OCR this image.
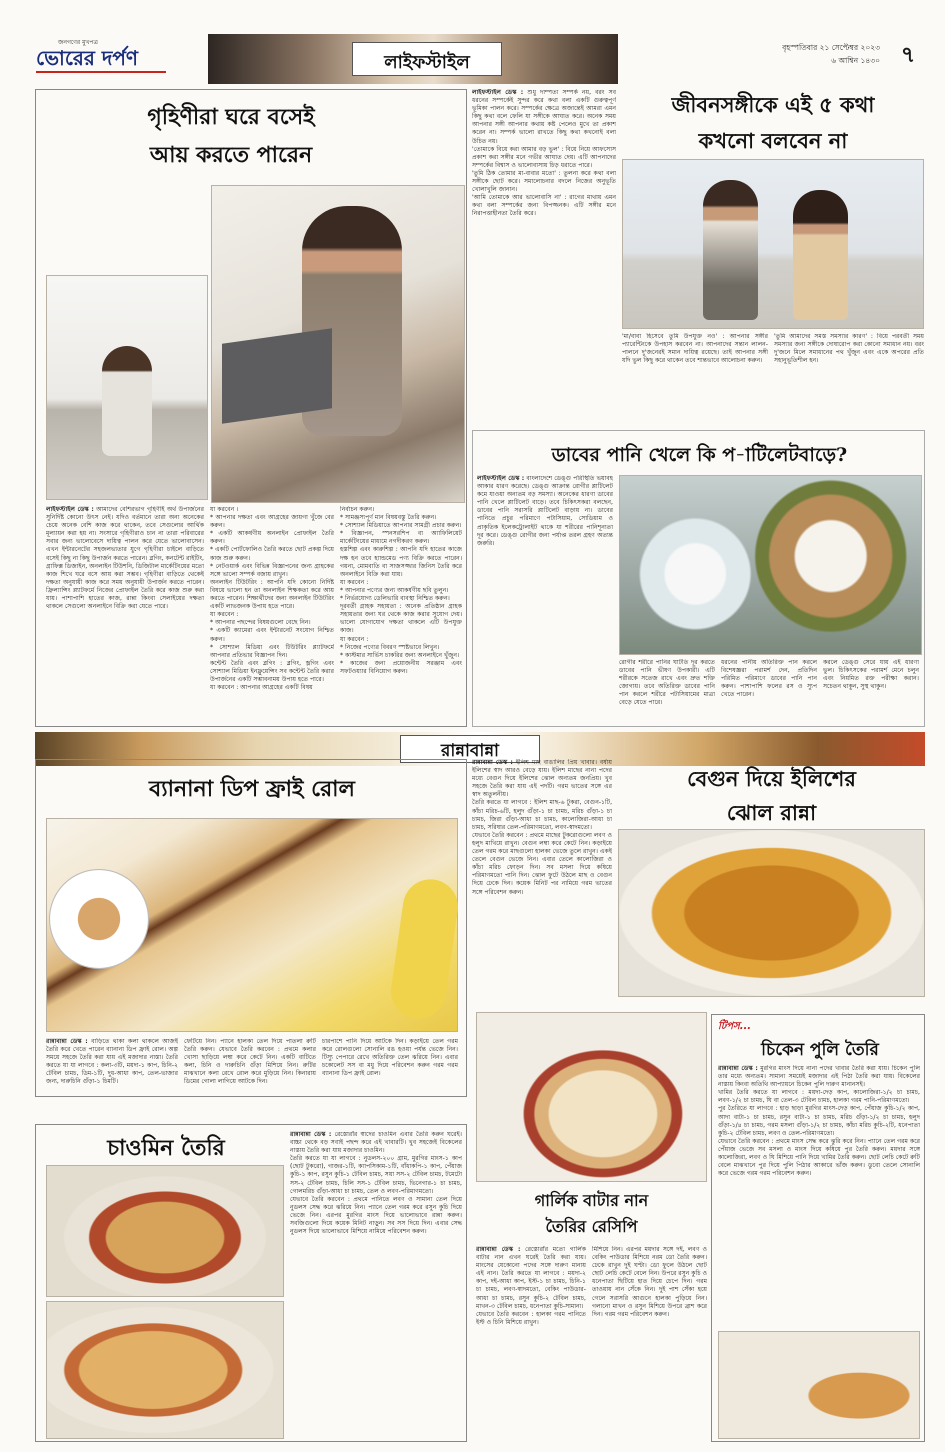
জনগণের মুখপত্র
ভোরের দর্পণ	লাইফস্টাইল
বৃহস্পতিবার ২১ সেপ্টেম্বর ২০২৩
৬ আশ্বিন ১৪৩০ ৭
গৃহিণীরা ঘরে বসেই
আয় করতে পারেন
লাইফস্টাইল ডেস্ক : আমাদের বেশিরভাগ গৃহিণীই অর্থ উপার্জনের সুনির্দিষ্ট কোনো উৎস নেই। যদিও বর্তমানে তারা অন্য অনেকের চেয়ে অনেক বেশি কাজ করে থাকেন, তবে সেগুলোর আর্থিক মূল্যায়ন করা হয় না। সংসারে গৃহিণীরাও চান না তারা পরিবারের সবার জন্য ভালোবেসে দায়িত্ব পালন করে যেতে ভালোবাসেন। এখন ইন্টারনেটের সহজলভ্যতার যুগে গৃহিণীরা চাইলে বাড়িতে বসেই কিছু না কিছু উপার্জন করতে পারেন। ব্লগিং, কনটেন্ট রাইটিং, গ্রাফিক্স ডিজাইন, অনলাইন টিউশনি, ডিজিটাল মার্কেটিংয়ের মতো কাজ শিখে ঘরে বসে আয় করা সম্ভব। গৃহিণীরা বাড়িতে থেকেই দক্ষতা অনুযায়ী কাজ করে সময় অনুযায়ী উপার্জন করতে পারেন। ফ্রিল্যান্সিং প্ল্যাটফর্মে নিজের প্রোফাইল তৈরি করে কাজ শুরু করা যায়। পাশাপাশি হাতের কাজ, রান্না কিংবা সেলাইয়ের দক্ষতা থাকলে সেগুলো অনলাইনে বিক্রি করা যেতে পারে।
যা করবেন ।
* আপনার দক্ষতা এবং আগ্রহের জায়গা খুঁজে বের করুন।
* একটি আকর্ষণীয় অনলাইন প্রোফাইল তৈরি করুন।
* একটি পোর্টফোলিও তৈরি করতে ছোট প্রকল্প দিয়ে কাজ শুরু করুন।
* নেটওয়ার্ক এবং বিভিন্ন বিজ্ঞাপনের জন্য গ্রাহকের সঙ্গে ভালো সম্পর্ক বজায় রাখুন।
অনলাইন টিউটরিং : আপনি যদি কোনো নির্দিষ্ট বিষয়ে ভালো হন তা অনলাইন শিক্ষকতা করে আয় করতে পারেন। শিক্ষার্থীদের জন্য অনলাইন টিউটরিং একটি লাভজনক উপায় হতে পারে।
যা করবেন :
* আপনার পছন্দের বিষয়গুলো বেছে নিন।
* একটি ক্যামেরা এবং ইন্টারনেট সংযোগ নিশ্চিত করুন।
* সোশ্যাল মিডিয়া এবং টিউটরিং প্ল্যাটফর্মে আপনার প্রতিভার বিজ্ঞাপন দিন।
কন্টেন্ট তৈরি এবং ব্লগিং : ব্লগিং, ভ্লগিং এবং সোশ্যাল মিডিয়া ইনফ্লুয়েন্সিং সব কন্টেন্ট তৈরি করার উপার্জনের একটি সম্ভাবনাময় উপায় হতে পারে।
যা করবেন : আপনার আগ্রহের একটি বিষয়
নির্বাচন করুন।
* সামঞ্জস্যপূর্ণ মান বিষয়বস্তু তৈরি করুন।
* সোশ্যাল মিডিয়াতে আপনার সামগ্রী প্রচার করুন।
* বিজ্ঞাপন, স্পনসরশিপ বা অ্যাফিলিয়েট মার্কেটিংয়ের মাধ্যমে নগদীকরণ করুন।
হস্তশিল্প এবং কারুশিল্প : আপনি যদি হাতের কাজে দক্ষ হন তবে হ্যান্ডমেড পণ্য বিক্রি করতে পারেন। গয়না, মোমবাতি বা সাজসজ্জার জিনিস তৈরি করে অনলাইনে বিক্রি করা যায়।
যা করবেন :
* আপনার পণ্যের জন্য আকর্ষণীয় ছবি তুলুন।
* নির্ভরযোগ্য ডেলিভারি ব্যবস্থা নিশ্চিত করুন।
দূরবর্তী গ্রাহক সহায়তা : অনেক প্রতিষ্ঠান গ্রাহক সহায়তার জন্য ঘর থেকে কাজ করার সুযোগ দেয়। ভালো যোগাযোগ দক্ষতা থাকলে এটি উপযুক্ত কাজ।
যা করবেন :
* নিজের পণ্যের বিবরণ স্পষ্টভাবে লিখুন।
* কাস্টমার সার্ভিস চাকরির জন্য অনলাইনে খুঁজুন।
* কাজের জন্য প্রয়োজনীয় সরঞ্জাম এবং সফটওয়্যার বিনিয়োগ করুন।
লাইফস্টাইল ডেস্ক : শুধু দাম্পত্য সম্পর্ক নয়, বরং সব ধরনের সম্পর্কেই সুন্দর করে কথা বলা একটি গুরুত্বপূর্ণ ভূমিকা পালন করে। সম্পর্কের ক্ষেত্রে অজান্তেই আমরা এমন কিছু কথা বলে ফেলি যা সঙ্গীকে আঘাত করে। অনেক সময় আপনার সঙ্গী আপনার কথায় কষ্ট পেলেও মুখে তা প্রকাশ করেন না। সম্পর্ক ভালো রাখতে কিছু কথা কখনোই বলা উচিত নয়।
'তোমাকে বিয়ে করা আমার বড় ভুল' : বিয়ে নিয়ে আফসোস প্রকাশ করা সঙ্গীর মনে গভীর আঘাত দেয়। এটি আপনাদের সম্পর্কের বিশ্বাস ও ভালোবাসায় চিড় ধরাতে পারে।
'তুমি ঠিক তোমার মা-বাবার মতো' : তুলনা করে কথা বলা সঙ্গীকে ছোট করে। সমালোচনার বদলে নিজের অনুভূতি খোলাখুলি জানান।
'আমি তোমাকে আর ভালোবাসি না' : রাগের মাথায় এমন কথা বলা সম্পর্কের জন্য বিপজ্জনক। এটি সঙ্গীর মনে নিরাপত্তাহীনতা তৈরি করে।
জীবনসঙ্গীকে এই ৫ কথা
কখনো বলবেন না
'মা/বাবা হিসেবে তুমি উপযুক্ত নও' : আপনার সঙ্গীর প্যারেন্টিংকে উপহাস করবেন না। আপনাদের সন্তান লালন-পালনে দু'জনেরই সমান দায়িত্ব রয়েছে। তাই আপনার সঙ্গী যদি ভুল কিছু করে থাকেন তবে শান্তভাবে আলোচনা করুন।
'তুমি আমাদের সমস্ত সমস্যার কারণ' : বিয়ে পরবর্তী সময় সমস্যার জন্য সঙ্গীকে দোষারোপ করা কোনো সমাধান নয়। বরং দু'জনে মিলে সমাধানের পথ খুঁজুন এবং একে অপরের প্রতি সহানুভূতিশীল হন।
ডাবের পানি খেলে কি প-াটিলেটবাড়ে?
লাইফস্টাইল ডেস্ক : বাংলাদেশে ডেঙ্গু পরিস্থিতি ভয়াবহ আকার ধারণ করেছে। ডেঙ্গু আক্রান্ত রোগীর প্লাটিলেট কমে যাওয়া অন্যতম বড় সমস্যা। অনেকের ধারণা ডাবের পানি খেলে প্লাটিলেট বাড়ে। তবে চিকিৎসকরা বলছেন, ডাবের পানি সরাসরি প্লাটিলেট বাড়ায় না। ডাবের পানিতে প্রচুর পরিমাণে পটাসিয়াম, সোডিয়াম ও প্রাকৃতিক ইলেকট্রোলাইট থাকে যা শরীরের পানিশূন্যতা দূর করে। ডেঙ্গু রোগীর জন্য পর্যাপ্ত তরল গ্রহণ অত্যন্ত জরুরি।
রোগীর শরীরে পানির ঘাটতি দূর করতে ডাবের পানি ভীষণ উপকারী। এটি শরীরকে সতেজ রাখে এবং দ্রুত শক্তি জোগায়। তবে অতিরিক্ত ডাবের পানি পান করলে শরীরে পটাসিয়ামের মাত্রা বেড়ে যেতে পারে।
ধরনের পানীয় অতিরিক্ত পান করলে বিশেষজ্ঞরা পরামর্শ দেন, প্রতিদিন পরিমিত পরিমাণে ডাবের পানি পান করুন। পাশাপাশি ফলের রস ও স্যুপ খেতে পারেন।
করলে ডেঙ্গু সেরে যায় এই ধারণা ভুল। চিকিৎসকের পরামর্শ মেনে চলুন এবং নিয়মিত রক্ত পরীক্ষা করান। সচেতন থাকুন, সুস্থ থাকুন।
রান্নাবান্না
ব্যানানা ডিপ ফ্রাই রোল
রান্নাবান্না ডেস্ক : বাড়িতে থাকা কলা থাকলে আজই তৈরি করে খেতে পারেন ব্যানানা ডিপ ফ্রাই রোল। অল্প সময়ে সহজে তৈরি করা যায় এই মজাদার নাস্তা। তৈরি করতে যা যা লাগবে : কলা-৩টি, ময়দা-১ কাপ, চিনি-২ টেবিল চামচ, ডিম-১টি, দুধ-আধা কাপ, তেল-ভাজার জন্য, দারুচিনি গুঁড়া-১ চিমটি।
ফেটিয়ে নিন। প্যানে হালকা তেল দিয়ে পাতলা রুটি তৈরি করুন। যেভাবে তৈরি করবেন : প্রথমে কলার খোসা ছাড়িয়ে লম্বা করে কেটে নিন। একটি বাটিতে কলা, চিনি ও দারুচিনি গুঁড়া মিশিয়ে নিন। রুটির মাঝখানে কলা রেখে রোল করে মুড়িয়ে নিন। কিনারায় ডিমের গোলা লাগিয়ে আটকে দিন।
চারপাশে পানি দিয়ে আটকে দিন। কড়াইয়ে তেল গরম করে রোলগুলো সোনালি রঙ হওয়া পর্যন্ত ভেজে নিন। টিস্যু পেপারে রেখে অতিরিক্ত তেল ঝরিয়ে নিন। এবার চকোলেট সস বা মধু দিয়ে পরিবেশন করুন গরম গরম ব্যানানা ডিপ ফ্রাই রোল।
চাওমিন তৈরি
রান্নাবান্না ডেস্ক : রেস্তোরাঁর স্বাদের চাওমিন এবার তৈরি করুন ঘরেই। বাচ্চা থেকে বড় সবাই পছন্দ করে এই খাবারটি। খুব সহজেই বিকেলের নাস্তায় তৈরি করা যায় মজাদার চাওমিন।
তৈরি করতে যা যা লাগবে : নুডলস-২০০ গ্রাম, মুরগির মাংস-১ কাপ (ছোট টুকরো), গাজর-১টি, ক্যাপসিকাম-১টি, বাঁধাকপি-১ কাপ, পেঁয়াজ কুচি-১ কাপ, রসুন কুচি-১ টেবিল চামচ, সয়া সস-২ টেবিল চামচ, টমেটো সস-২ টেবিল চামচ, চিলি সস-১ টেবিল চামচ, ভিনেগার-১ চা চামচ, গোলমরিচ গুঁড়া-আধা চা চামচ, তেল ও লবণ-পরিমাণমতো।
যেভাবে তৈরি করবেন : প্রথমে পানিতে লবণ ও সামান্য তেল দিয়ে নুডলস সেদ্ধ করে ঝরিয়ে নিন। প্যানে তেল গরম করে রসুন কুচি দিয়ে ভেজে নিন। এরপর মুরগির মাংস দিয়ে ভালোভাবে রান্না করুন। সবজিগুলো দিয়ে কয়েক মিনিট নাড়ুন। সব সস দিয়ে দিন। এবার সেদ্ধ নুডলস দিয়ে ভালোভাবে মিশিয়ে নামিয়ে পরিবেশন করুন।
রান্নাবান্না ডেস্ক : ইলিশ মাছ বাঙালির প্রিয় খাবার। বর্ষায় ইলিশের স্বাদ আরও বেড়ে যায়। ইলিশ মাছের নানা পদের মধ্যে বেগুন দিয়ে ইলিশের ঝোল অন্যতম জনপ্রিয়। খুব সহজে তৈরি করা যায় এই পদটি। গরম ভাতের সঙ্গে এর স্বাদ অতুলনীয়।
তৈরি করতে যা লাগবে : ইলিশ মাছ-৬ টুকরা, বেগুন-১টি, কাঁচা মরিচ-৬টি, হলুদ গুঁড়া-১ চা চামচ, মরিচ গুঁড়া-১ চা চামচ, জিরা গুঁড়া-আধা চা চামচ, কালোজিরা-আধা চা চামচ, সরিষার তেল-পরিমাণমতো, লবণ-স্বাদমতো।
যেভাবে তৈরি করবেন : প্রথমে মাছের টুকরোগুলো লবণ ও হলুদ মাখিয়ে রাখুন। বেগুন লম্বা করে কেটে নিন। কড়াইয়ে তেল গরম করে মাছগুলো হালকা ভেজে তুলে রাখুন। একই তেলে বেগুন ভেজে নিন। এবার তেলে কালোজিরা ও কাঁচা মরিচ ফোড়ন দিন। সব মসলা দিয়ে কষিয়ে পরিমাণমতো পানি দিন। ঝোল ফুটে উঠলে মাছ ও বেগুন দিয়ে ঢেকে দিন। কয়েক মিনিট পর নামিয়ে গরম ভাতের সঙ্গে পরিবেশন করুন।
বেগুন দিয়ে ইলিশের
ঝোল রান্না
গার্লিক বাটার নান
তৈরির রেসিপি
রান্নাবান্না ডেস্ক : রেস্তোরাঁর মতো গার্লিক বাটার নান এখন ঘরেই তৈরি করা যায়। মাংসের যেকোনো পদের সঙ্গে দারুণ মানায় এই নান। তৈরি করতে যা লাগবে : ময়দা-২ কাপ, দই-আধা কাপ, ইস্ট-১ চা চামচ, চিনি-১ চা চামচ, লবণ-স্বাদমতো, বেকিং পাউডার-আধা চা চামচ, রসুন কুচি-২ টেবিল চামচ, মাখন-৩ টেবিল চামচ, ধনেপাতা কুচি-সামান্য।
যেভাবে তৈরি করবেন : হালকা গরম পানিতে ইস্ট ও চিনি মিশিয়ে রাখুন।
মিশিয়ে নিন। এরপর ময়দার সঙ্গে দই, লবণ ও বেকিং পাউডার মিশিয়ে নরম ডো তৈরি করুন। ঢেকে রাখুন দুই ঘণ্টা। ডো ফুলে উঠলে ছোট ছোট লেচি কেটে বেলে নিন। উপরে রসুন কুচি ও ধনেপাতা ছিটিয়ে হাত দিয়ে চেপে দিন। গরম তাওয়ায় নান সেঁকে নিন। দুই পাশ সেঁকা হয়ে গেলে সরাসরি আগুনে হালকা পুড়িয়ে নিন। গলানো মাখন ও রসুন মিশিয়ে উপরে ব্রাশ করে দিন। গরম গরম পরিবেশন করুন।
টিপস...
চিকেন পুলি তৈরি
রান্নাবান্না ডেস্ক : মুরগির মাংস দিয়ে নানা পদের খাবার তৈরি করা যায়। চিকেন পুলি তার মধ্যে অন্যতম। সামান্য সময়েই মজাদার এই পিঠা তৈরি করা যায়। বিকেলের নাস্তায় কিংবা অতিথি আপ্যায়নে চিকেন পুলি দারুণ মানানসই।
খামির তৈরি করতে যা লাগবে : ময়দা-দেড় কাপ, কালোজিরা-১/২ চা চামচ, লবণ-১/২ চা চামচ, ঘি বা তেল-৩ টেবিল চামচ, হালকা গরম পানি-পরিমাণমতো।
পুর তৈরিতে যা লাগবে : হাড় ছাড়া মুরগির মাংস-দেড় কাপ, পেঁয়াজ কুচি-১/২ কাপ, আদা বাটা-১ চা চামচ, রসুন বাটা-১ চা চামচ, মরিচ গুঁড়া-১/২ চা চামচ, হলুদ গুঁড়া-১/৪ চা চামচ, গরম মসলা গুঁড়া-১/২ চা চামচ, কাঁচা মরিচ কুচি-২টি, ধনেপাতা কুচি-২ টেবিল চামচ, লবণ ও তেল-পরিমাণমতো।
যেভাবে তৈরি করবেন : প্রথমে মাংস সেদ্ধ করে ঝুরি করে নিন। প্যানে তেল গরম করে পেঁয়াজ ভেজে সব মসলা ও মাংস দিয়ে কষিয়ে পুর তৈরি করুন। ময়দার সঙ্গে কালোজিরা, লবণ ও ঘি মিশিয়ে পানি দিয়ে খামির তৈরি করুন। ছোট লেচি কেটে রুটি বেলে মাঝখানে পুর দিয়ে পুলি পিঠার আকারে ভাঁজ করুন। ডুবো তেলে সোনালি করে ভেজে গরম গরম পরিবেশন করুন।
